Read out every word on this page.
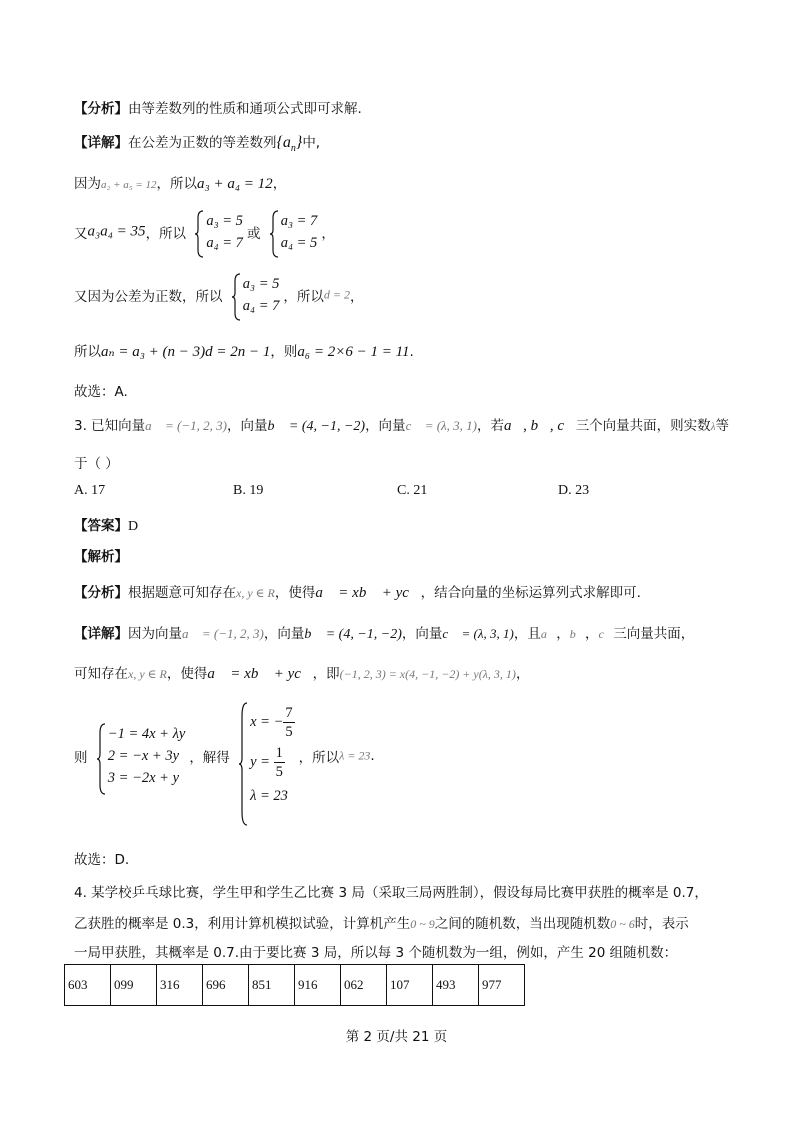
【分析】由等差数列的性质和通项公式即可求解.
【详解】在公差为正数的等差数列$\{a_n\}$中,
因为a₂ + a₅ = 12，所以a₃ + a₄ = 12，
又a₃a₄ = 35，所以
a₃ = 5
a₄ = 7
或
a₃ = 7
a₄ = 5
，
又因为公差为正数，所以
a₃ = 5
a₄ = 7
，所以d = 2，
所以aₙ = a₃ + (n − 3)d = 2n − 1，则a₆ = 2×6 − 1 = 11.
故选：A.
3. 已知向量a⃗ = (−1, 2, 3)，向量b⃗ = (4, −1, −2)，向量c⃗ = (λ, 3, 1)，若a⃗, b⃗, c⃗三个向量共面，则实数λ等
于（ ）
A. 17	B. 19	C. 21	D. 23
【答案】D
【解析】
【分析】根据题意可知存在x, y ∈ R，使得a⃗ = xb⃗ + yc⃗，结合向量的坐标运算列式求解即可.
【详解】因为向量a⃗ = (−1, 2, 3)，向量b⃗ = (4, −1, −2)，向量c⃗ = (λ, 3, 1)，且a⃗，b⃗，c⃗三向量共面，
可知存在x, y ∈ R，使得a⃗ = xb⃗ + yc⃗，即(−1, 2, 3) = x(4, −1, −2) + y(λ, 3, 1)，
则
−1 = 4x + λy
2 = −x + 3y
3 = −2x + y
，解得
x = − $\frac{7}{5}$
$y = \frac{1}{5}$
λ = 23
，所以λ = 23.
故选：D.
4. 某学校乒乓球比赛，学生甲和学生乙比赛 3 局（采取三局两胜制），假设每局比赛甲获胜的概率是 0.7，
乙获胜的概率是 0.3，利用计算机模拟试验，计算机产生0 ~ 9之间的随机数，当出现随机数0 ~ 6时，表示
一局甲获胜，其概率是 0.7.由于要比赛 3 局，所以每 3 个随机数为一组，例如，产生 20 组随机数：
603	099	316	696	851	916	062	107	493	977
第 2 页/共 21 页
